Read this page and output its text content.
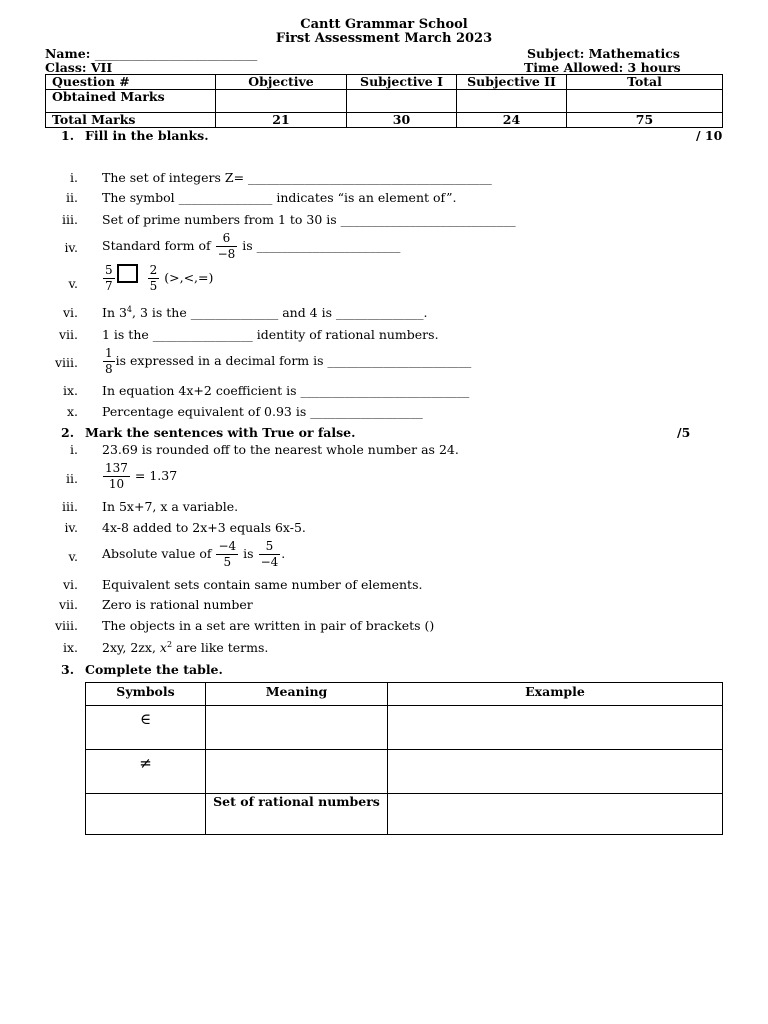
Cantt Grammar School
First Assessment March 2023
Name: __________________________	Subject: Mathematics
Class: VII ______	Time Allowed: 3 hours
Question #	Objective	Subjective I	Subjective II	Total
Obtained Marks				
Total Marks	21	30	24	75
1. Fill in the blanks.	/ 10
i. The set of integers Z= _______________________________________
ii. The symbol _______________ indicates “is an element of”.
iii. Set of prime numbers from 1 to 30 is ____________________________
iv. Standard form of $\frac{6}{-8}$ is _______________________
v. $\frac{5}{7}$
	$\frac{2}{5}$ (>,<,=)
vi. In $3^4$, 3 is the ______________ and 4 is ______________.
vii. 1 is the ________________ identity of rational numbers.
viii. $\frac{1}{8}$ is expressed in a decimal form is _______________________
ix. In equation 4x+2 coefficient is ___________________________
x. Percentage equivalent of 0.93 is __________________
2. Mark the sentences with True or false.	/5
i. 23.69 is rounded off to the nearest whole number as 24.
ii. $\frac{137}{10} = 1.37$
iii. In 5x+7, x a variable.
iv. 4x-8 added to 2x+3 equals 6x-5.
v. Absolute value of $\frac{-4}{5}$ is $\frac{5}{-4}$ .
vi. Equivalent sets contain same number of elements.
vii. Zero is rational number
viii. The objects in a set are written in pair of brackets ()
ix. 2xy, 2zx, $x^2$ are like terms.
3. Complete the table.
Symbols	Meaning	Example
∈		
≠		
	Set of rational numbers	
